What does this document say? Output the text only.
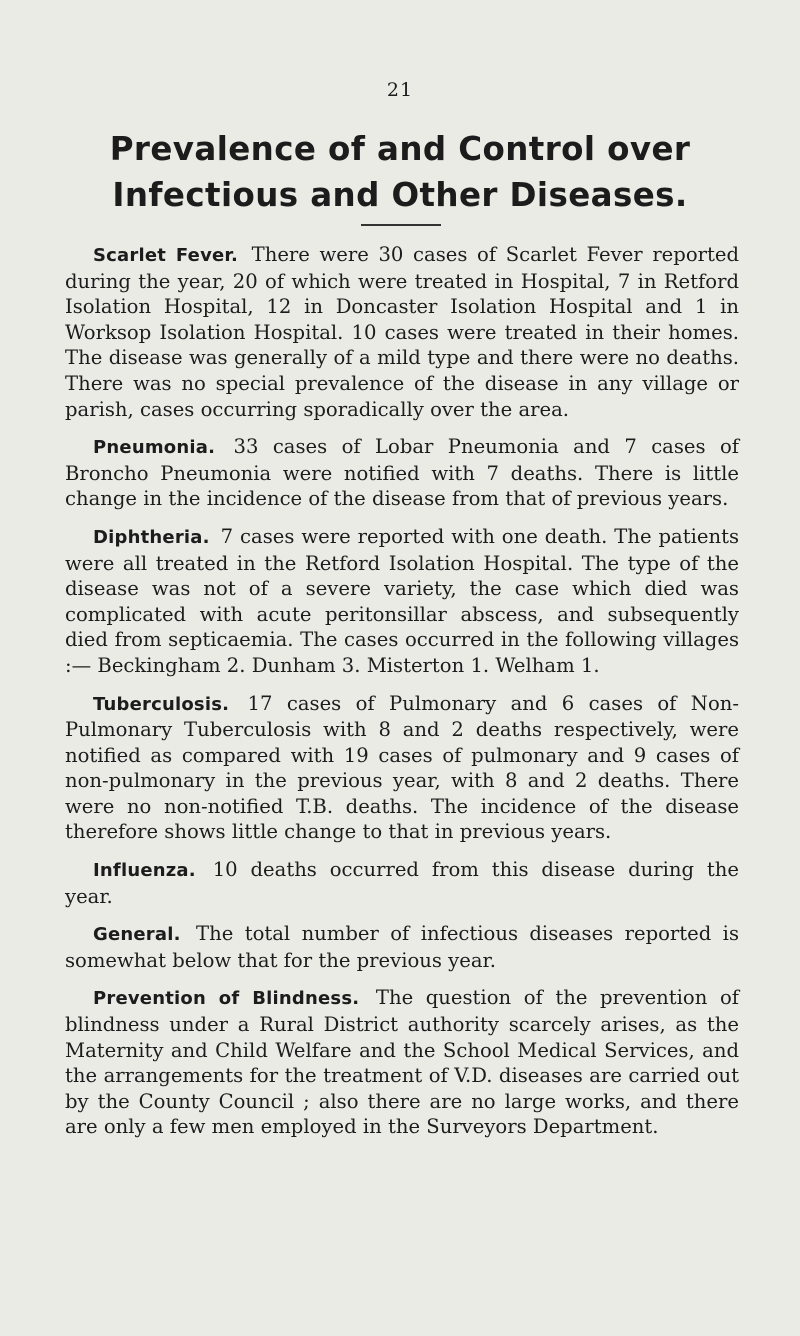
21
Prevalence of and Control over
Infectious and Other Diseases.

Scarlet Fever. There were 30 cases of Scarlet Fever reported during the year, 20 of which were treated in Hospital, 7 in Retford Isolation Hospital, 12 in Doncaster Isolation Hospital and 1 in Worksop Isolation Hospital. 10 cases were treated in their homes. The disease was generally of a mild type and there were no deaths. There was no special prevalence of the disease in any village or parish, cases occurring sporadically over the area.

Pneumonia. 33 cases of Lobar Pneumonia and 7 cases of Broncho Pneumonia were notified with 7 deaths. There is little change in the incidence of the disease from that of previous years.

Diphtheria. 7 cases were reported with one death. The patients were all treated in the Retford Isolation Hospital. The type of the disease was not of a severe variety, the case which died was complicated with acute peritonsillar abscess, and subsequently died from septicaemia. The cases occurred in the following villages :— Beckingham 2. Dunham 3. Misterton 1. Welham 1.

Tuberculosis. 17 cases of Pulmonary and 6 cases of Non-Pulmonary Tuberculosis with 8 and 2 deaths respectively, were notified as compared with 19 cases of pulmonary and 9 cases of non-pulmonary in the previous year, with 8 and 2 deaths. There were no non-notified T.B. deaths. The incidence of the disease therefore shows little change to that in previous years.

Influenza. 10 deaths occurred from this disease during the year.

General. The total number of infectious diseases reported is somewhat below that for the previous year.

Prevention of Blindness. The question of the prevention of blindness under a Rural District authority scarcely arises, as the Maternity and Child Welfare and the School Medical Services, and the arrangements for the treatment of V.D. diseases are carried out by the County Council ; also there are no large works, and there are only a few men employed in the Surveyors Department.
